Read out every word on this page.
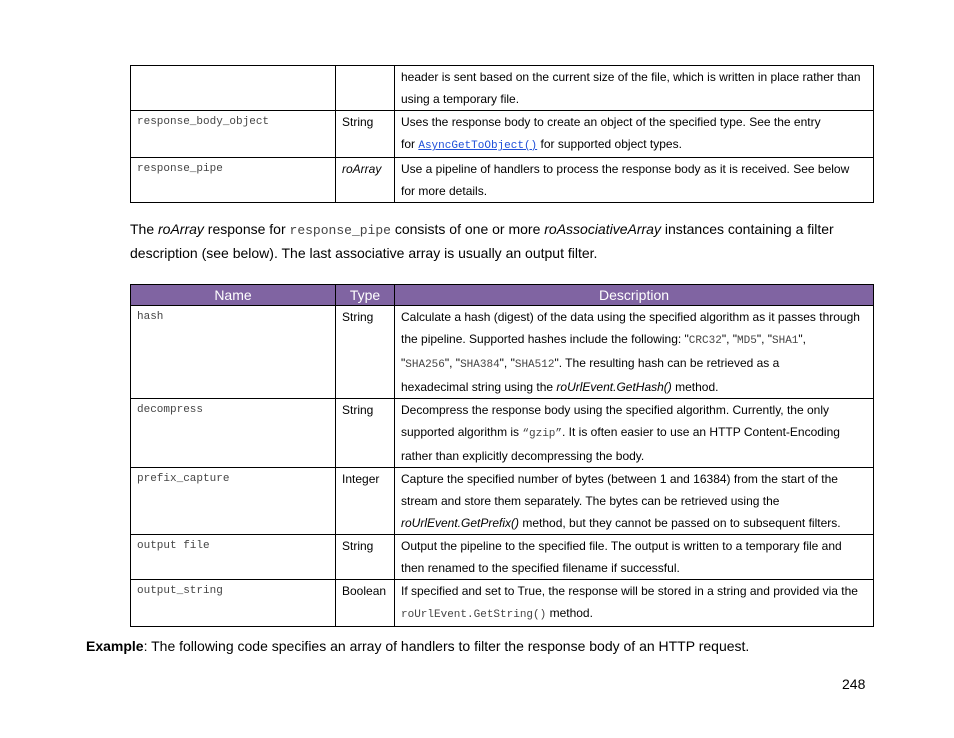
		header is sent based on the current size of the file, which is written in place rather than
using a temporary file.

response_body_object	String	Uses the response body to create an object of the specified type. See the entry
for AsyncGetToObject() for supported object types.

response_pipe	roArray	Use a pipeline of handlers to process the response body as it is received. See below
for more details.
The roArray response for response_pipe consists of one or more roAssociativeArray instances containing a filter
description (see below). The last associative array is usually an output filter.
Name	Type	Description
hash	String	Calculate a hash (digest) of the data using the specified algorithm as it passes through
the pipeline. Supported hashes include the following: "CRC32", "MD5", "SHA1",
"SHA256", "SHA384", "SHA512". The resulting hash can be retrieved as a
hexadecimal string using the roUrlEvent.GetHash() method.

decompress	String	Decompress the response body using the specified algorithm. Currently, the only
supported algorithm is “gzip”. It is often easier to use an HTTP Content-Encoding
rather than explicitly decompressing the body.

prefix_capture	Integer	Capture the specified number of bytes (between 1 and 16384) from the start of the
stream and store them separately. The bytes can be retrieved using the
roUrlEvent.GetPrefix() method, but they cannot be passed on to subsequent filters.

output file	String	Output the pipeline to the specified file. The output is written to a temporary file and
then renamed to the specified filename if successful.

output_string	Boolean	If specified and set to True, the response will be stored in a string and provided via the
roUrlEvent.GetString() method.
Example: The following code specifies an array of handlers to filter the response body of an HTTP request.
248
